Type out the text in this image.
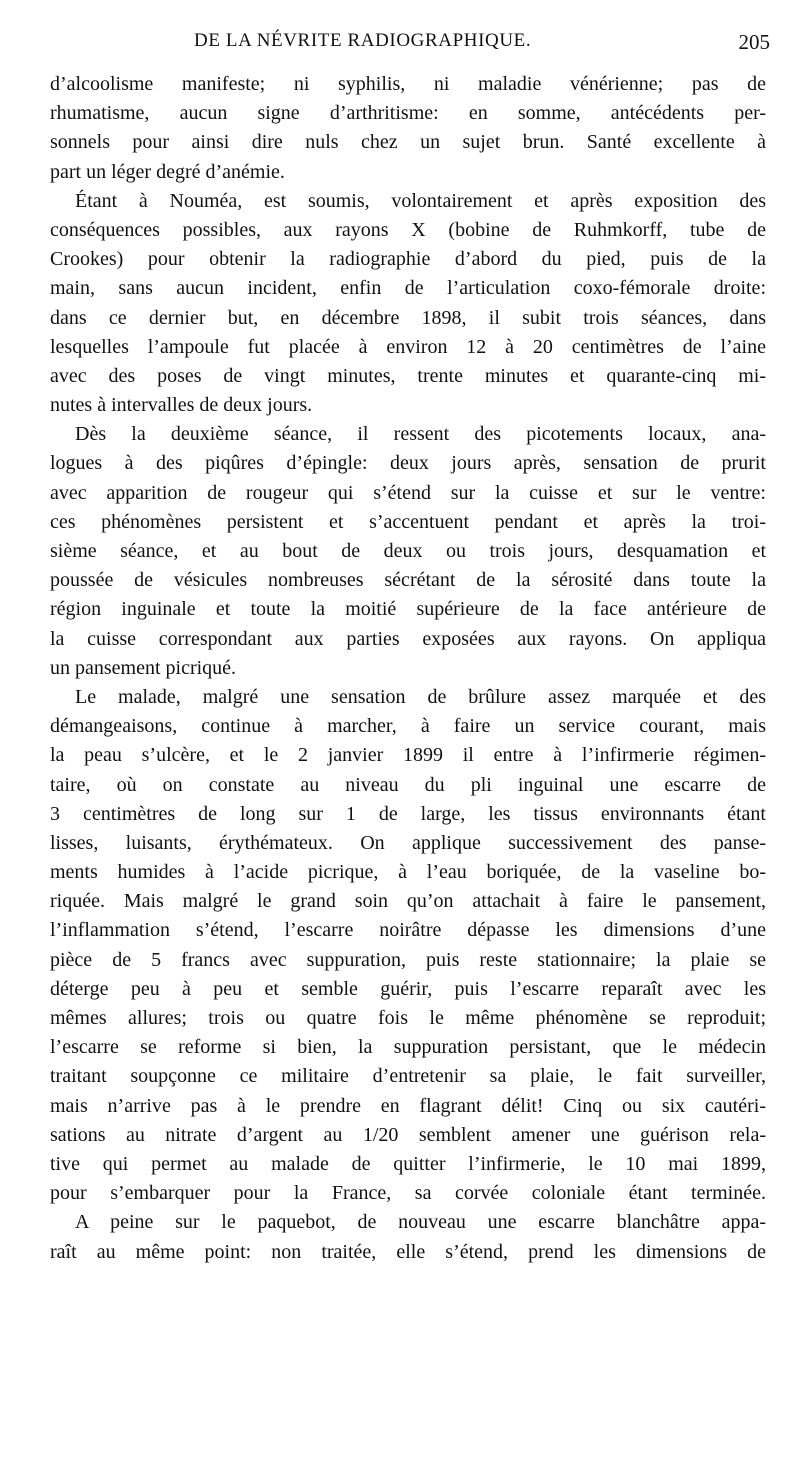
DE LA NÉVRITE RADIOGRAPHIQUE.	205
d’alcoolisme manifeste; ni syphilis, ni maladie vénérienne; pas de
rhumatisme, aucun signe d’arthritisme: en somme, antécédents per-
sonnels pour ainsi dire nuls chez un sujet brun. Santé excellente à
part un léger degré d’anémie.
Étant à Nouméa, est soumis, volontairement et après exposition des
conséquences possibles, aux rayons X (bobine de Ruhmkorff, tube de
Crookes) pour obtenir la radiographie d’abord du pied, puis de la
main, sans aucun incident, enfin de l’articulation coxo-fémorale droite:
dans ce dernier but, en décembre 1898, il subit trois séances, dans
lesquelles l’ampoule fut placée à environ 12 à 20 centimètres de l’aine
avec des poses de vingt minutes, trente minutes et quarante-cinq mi-
nutes à intervalles de deux jours.
Dès la deuxième séance, il ressent des picotements locaux, ana-
logues à des piqûres d’épingle: deux jours après, sensation de prurit
avec apparition de rougeur qui s’étend sur la cuisse et sur le ventre:
ces phénomènes persistent et s’accentuent pendant et après la troi-
sième séance, et au bout de deux ou trois jours, desquamation et
poussée de vésicules nombreuses sécrétant de la sérosité dans toute la
région inguinale et toute la moitié supérieure de la face antérieure de
la cuisse correspondant aux parties exposées aux rayons. On appliqua
un pansement picriqué.
Le malade, malgré une sensation de brûlure assez marquée et des
démangeaisons, continue à marcher, à faire un service courant, mais
la peau s’ulcère, et le 2 janvier 1899 il entre à l’infirmerie régimen-
taire, où on constate au niveau du pli inguinal une escarre de
3 centimètres de long sur 1 de large, les tissus environnants étant
lisses, luisants, érythémateux. On applique successivement des panse-
ments humides à l’acide picrique, à l’eau boriquée, de la vaseline bo-
riquée. Mais malgré le grand soin qu’on attachait à faire le pansement,
l’inflammation s’étend, l’escarre noirâtre dépasse les dimensions d’une
pièce de 5 francs avec suppuration, puis reste stationnaire; la plaie se
déterge peu à peu et semble guérir, puis l’escarre reparaît avec les
mêmes allures; trois ou quatre fois le même phénomène se reproduit;
l’escarre se reforme si bien, la suppuration persistant, que le médecin
traitant soupçonne ce militaire d’entretenir sa plaie, le fait surveiller,
mais n’arrive pas à le prendre en flagrant délit! Cinq ou six cautéri-
sations au nitrate d’argent au 1/20 semblent amener une guérison rela-
tive qui permet au malade de quitter l’infirmerie, le 10 mai 1899,
pour s’embarquer pour la France, sa corvée coloniale étant terminée.
A peine sur le paquebot, de nouveau une escarre blanchâtre appa-
raît au même point: non traitée, elle s’étend, prend les dimensions de
